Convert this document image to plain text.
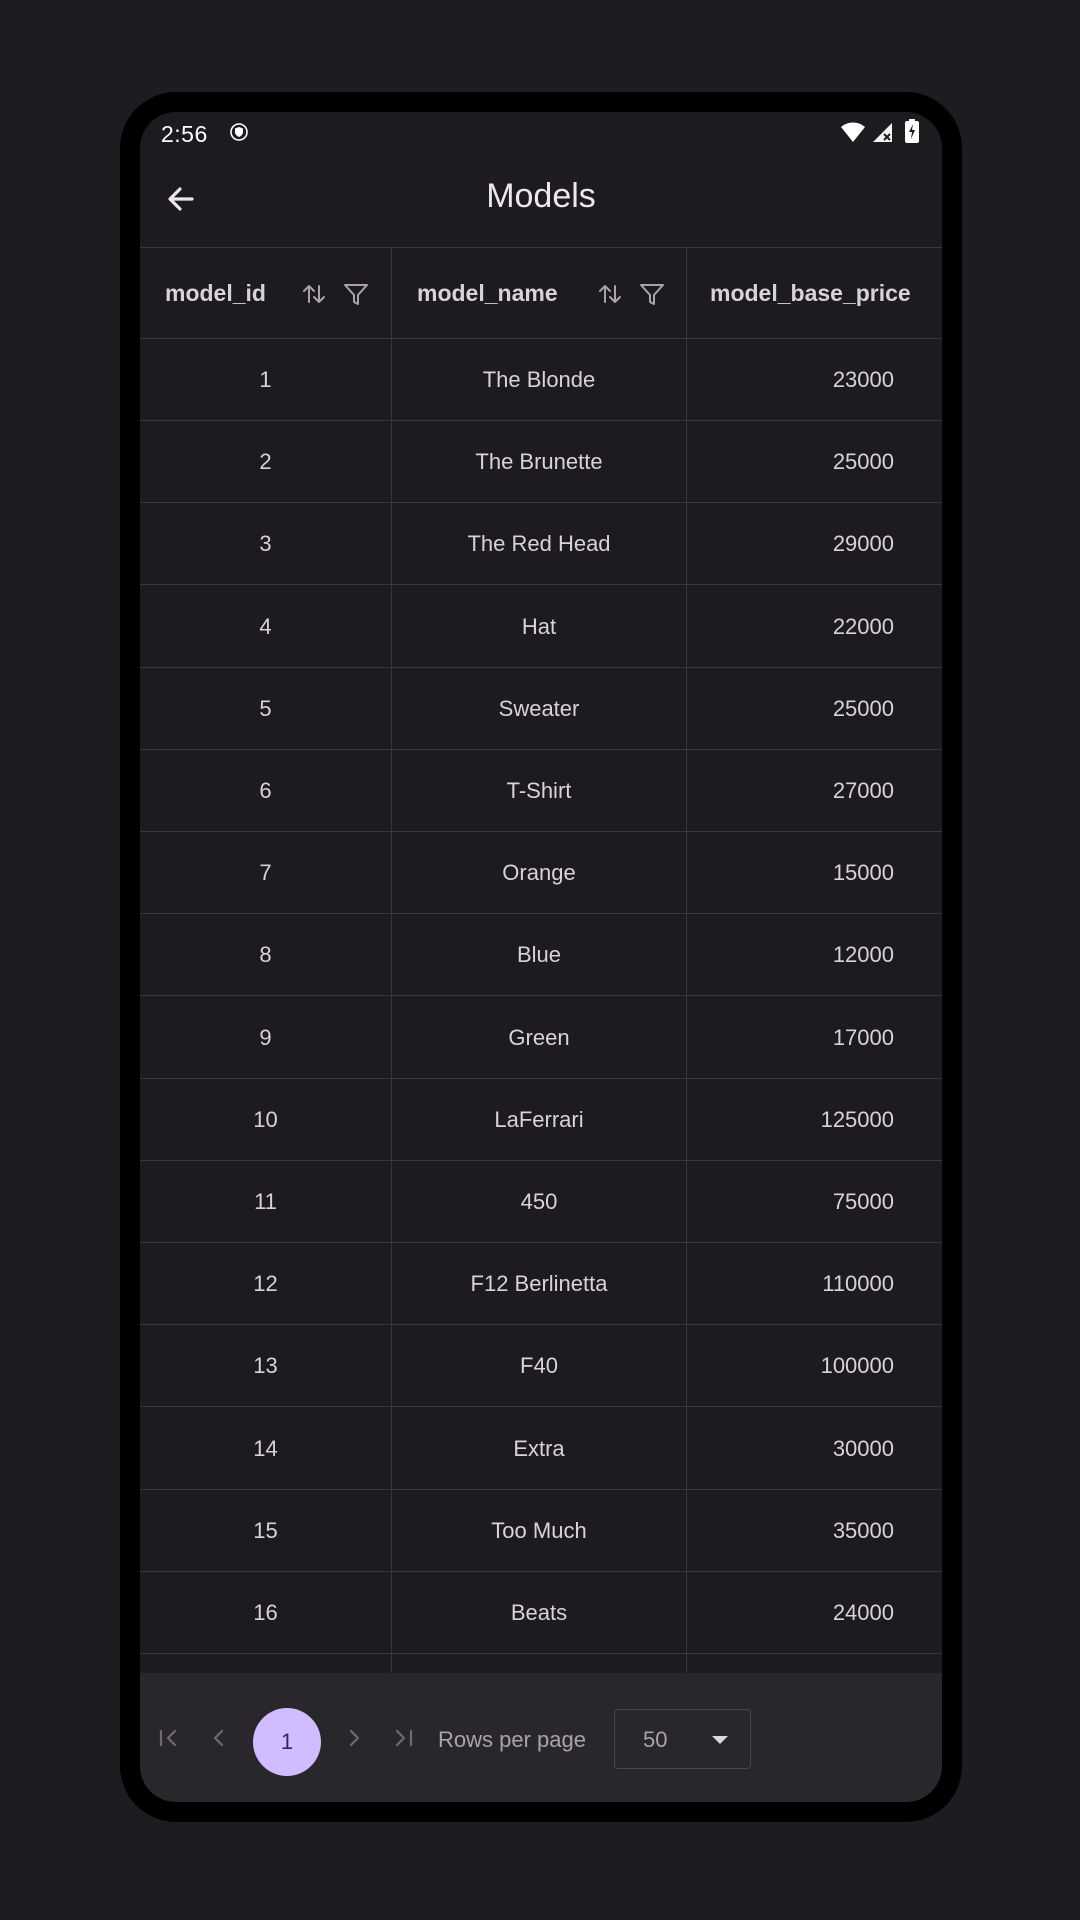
2:56
Models
model_id	model_name	model_base_price
1	The Blonde	23000
2	The Brunette	25000
3	The Red Head	29000
4	Hat	22000
5	Sweater	25000
6	T-Shirt	27000
7	Orange	15000
8	Blue	12000
9	Green	17000
10	LaFerrari	125000
11	450	75000
12	F12 Berlinetta	110000
13	F40	100000
14	Extra	30000
15	Too Much	35000
16	Beats	24000
1	Rows per page	50
